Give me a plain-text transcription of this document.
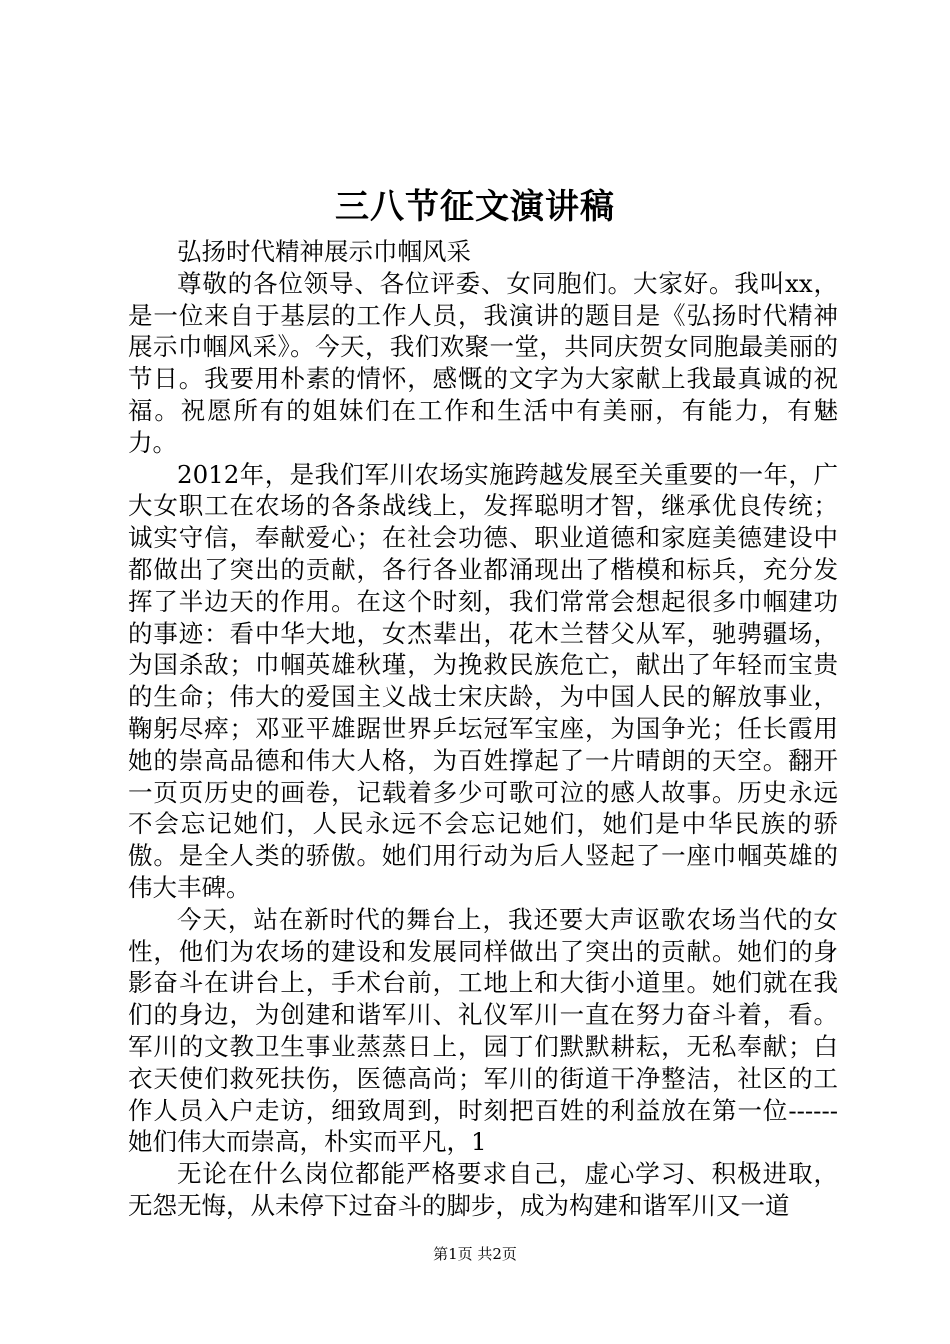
三八节征文演讲稿

弘扬时代精神展示巾帼风采

尊敬的各位领导、各位评委、女同胞们。大家好。我叫xx，是一位来自于基层的工作人员，我演讲的题目是《弘扬时代精神展示巾帼风采》。今天，我们欢聚一堂，共同庆贺女同胞最美丽的节日。我要用朴素的情怀，感慨的文字为大家献上我最真诚的祝福。祝愿所有的姐妹们在工作和生活中有美丽，有能力，有魅力。

2012年，是我们军川农场实施跨越发展至关重要的一年，广大女职工在农场的各条战线上，发挥聪明才智，继承优良传统；诚实守信，奉献爱心；在社会功德、职业道德和家庭美德建设中都做出了突出的贡献，各行各业都涌现出了楷模和标兵，充分发挥了半边天的作用。在这个时刻，我们常常会想起很多巾帼建功的事迹：看中华大地，女杰辈出，花木兰替父从军，驰骋疆场，为国杀敌；巾帼英雄秋瑾，为挽救民族危亡，献出了年轻而宝贵的生命；伟大的爱国主义战士宋庆龄，为中国人民的解放事业，鞠躬尽瘁；邓亚平雄踞世界乒坛冠军宝座，为国争光；任长霞用她的崇高品德和伟大人格，为百姓撑起了一片晴朗的天空。翻开一页页历史的画卷，记载着多少可歌可泣的感人故事。历史永远不会忘记她们，人民永远不会忘记她们，她们是中华民族的骄傲。是全人类的骄傲。她们用行动为后人竖起了一座巾帼英雄的伟大丰碑。

今天，站在新时代的舞台上，我还要大声讴歌农场当代的女性，他们为农场的建设和发展同样做出了突出的贡献。她们的身影奋斗在讲台上，手术台前，工地上和大街小道里。她们就在我们的身边，为创建和谐军川、礼仪军川一直在努力奋斗着，看。军川的文教卫生事业蒸蒸日上，园丁们默默耕耘，无私奉献；白衣天使们救死扶伤，医德高尚；军川的街道干净整洁，社区的工作人员入户走访，细致周到，时刻把百姓的利益放在第一位------她们伟大而崇高，朴实而平凡，1

无论在什么岗位都能严格要求自己，虚心学习、积极进取，无怨无悔，从未停下过奋斗的脚步，成为构建和谐军川又一道

第1页 共2页
